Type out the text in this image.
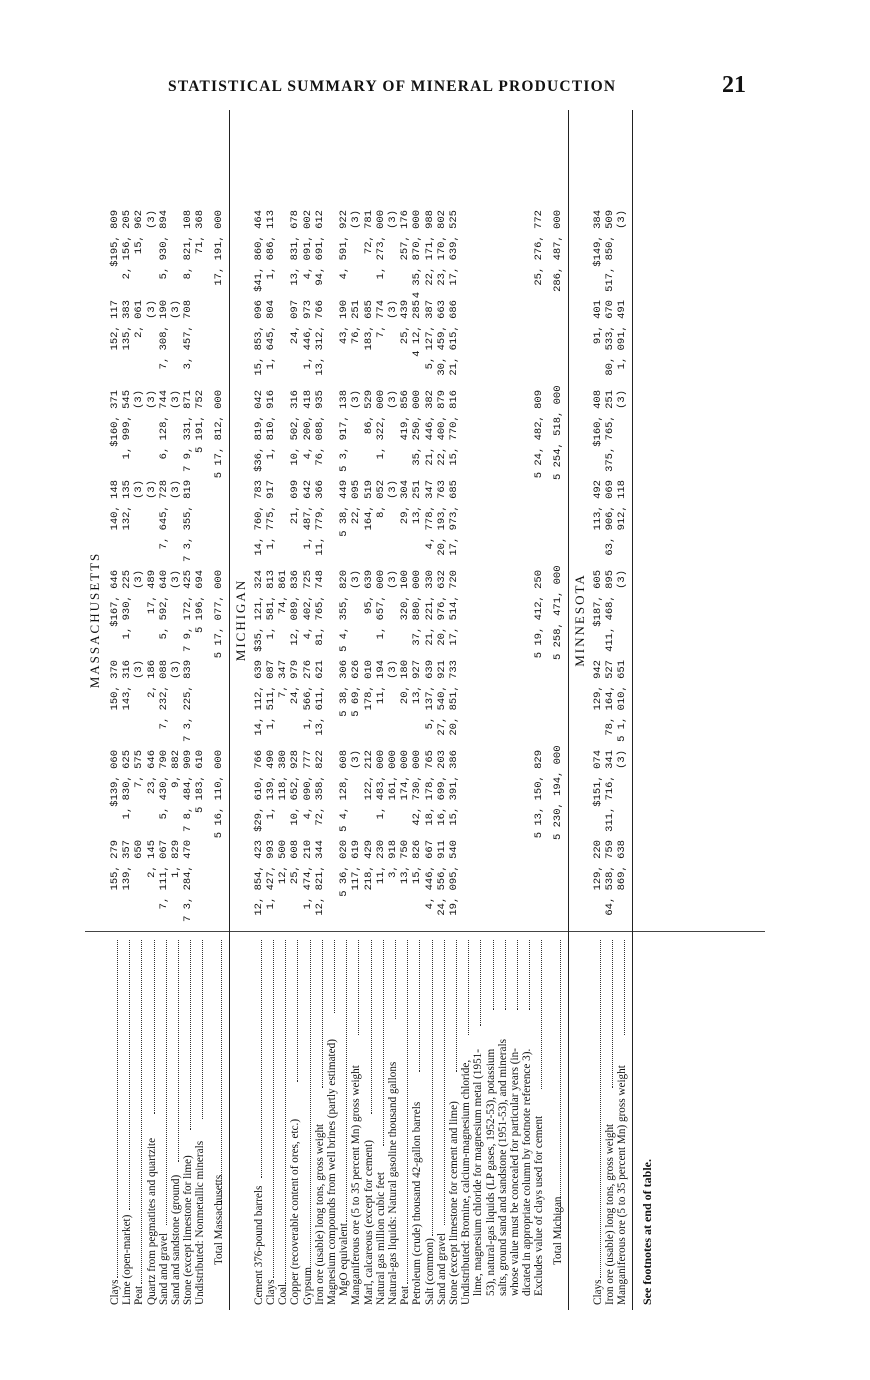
STATISTICAL SUMMARY OF MINERAL PRODUCTION	21
MASSACHUSETTS
Clays
155, 279
$139, 060
150, 370
$167, 646
140, 148
$160, 371
152, 117
$195, 809
Lime (open-market)
139, 357
1, 830, 625
143, 316
1, 930, 225
132, 135
1, 999, 545
135, 383
2, 156, 205
Peat
650
7, 575
(3)
(3)
(3)
(3)
2, 061
15, 962
Quartz from pegmatites and quartzite
2, 145
23, 646
2, 186
17, 489
(3)
(3)
(3)
(3)
Sand and gravel
7, 111, 067
5, 430, 790
7, 232, 088
5, 592, 640
7, 645, 728
6, 128, 744
7, 308, 190
5, 930, 894
Sand and sandstone (ground)
1, 829
9, 882
(3)
(3)
(3)
(3)
(3)
Stone (except limestone for lime)
7 3, 284, 470
7 8, 484, 909
7 3, 225, 839
7 9, 172, 425
7 3, 355, 819
7 9, 331, 871
3, 457, 708
8, 821, 108
Undistributed: Nonmetallic minerals
5 183, 610
5 196, 694
5 191, 752
71, 368
Total Massachusetts
5 16, 110, 000
5 17, 077, 000
5 17, 812, 000
17, 191, 000
MICHIGAN
Cement 376-pound barrels
12, 854, 423
$29, 610, 766
14, 112, 639
$35, 121, 324
14, 760, 783
$36, 819, 042
15, 853, 096
$41, 860, 464
Clays
1, 427, 993
1, 139, 490
1, 511, 087
1, 581, 813
1, 775, 917
1, 810, 916
1, 645, 804
1, 686, 113
Coal
12, 500
118, 380
7, 347
74, 861
Copper (recoverable content of ores, etc.)
25, 608
10, 652, 928
24, 979
12, 089, 836
21, 699
10, 502, 316
24, 097
13, 831, 678
Gypsum
1, 474, 210
4, 090, 777
1, 566, 276
4, 402, 725
1, 487, 642
4, 200, 418
1, 446, 973
4, 091, 002
Iron ore (usable) long tons, gross weight
12, 821, 344
72, 358, 822
13, 611, 621
81, 765, 748
11, 779, 366
76, 088, 935
13, 312, 766
94, 691, 612
Magnesium compounds from well brines (partly estimated) MgO equivalent
5 36, 020
5 4, 128, 608
5 38, 306
5 4, 355, 820
5 38, 449
5 3, 917, 138
43, 190
4, 591, 922
Manganiferous ore (5 to 35 percent Mn) gross weight
117, 619
(3)
5 69, 626
(3)
22, 095
(3)
76, 251
(3)
Marl, calcareous (except for cement)
218, 429
122, 212
178, 010
95, 639
164, 519
86, 529
183, 685
72, 781
Natural gas million cubic feet
11, 230
1, 483, 000
11, 194
1, 657, 000
8, 052
1, 322, 000
7, 774
1, 273, 000
Natural-gas liquids: Natural gasoline thousand gallons
3, 918
161, 000
(3)
(3)
(3)
(3)
(3)
(3)
Peat
13, 750
174, 000
20, 180
320, 100
29, 304
419, 856
25, 439
257, 176
Petroleum (crude) thousand 42-gallon barrels
15, 826
42, 730, 000
13, 927
37, 880, 000
13, 251
35, 250, 000
4 12, 285
4 35, 870, 000
Salt (common)
4, 446, 667
18, 178, 765
5, 137, 639
21, 221, 330
4, 778, 347
21, 446, 382
5, 127, 387
22, 171, 988
Sand and gravel
24, 556, 911
16, 699, 203
27, 540, 921
20, 976, 632
20, 193, 763
22, 400, 879
30, 459, 663
23, 170, 802
Stone (except limestone for cement and lime)
19, 095, 540
15, 391, 386
20, 851, 733
17, 514, 720
17, 973, 685
15, 770, 816
21, 615, 686
17, 639, 525
Undistributed: Bromine, calcium-magnesium chloride, lime, magnesium chloride for magnesium metal (1951- 53), natural-gas liquids (LP gases, 1952-53), potassium salts, ground sand and sandstone (1951-53), and minerals whose value must be concealed for particular years (in- dicated in appropriate column by footnote reference 3). Excludes value of clays used for cement
5 13, 150, 829
5 19, 412, 250
5 24, 482, 809
25, 276, 772
Total Michigan
5 230, 194, 000
5 258, 471, 000
5 254, 518, 000
286, 487, 000
MINNESOTA
Clays
129, 220
$151, 074
129, 942
$187, 605
113, 492
$160, 408
91, 401
$149, 384
Iron ore (usable) long tons, gross weight
64, 538, 759
311, 716, 341
78, 164, 527
411, 468, 895
63, 906, 069
375, 765, 251
80, 533, 670
517, 850, 509
Manganiferous ore (5 to 35 percent Mn) gross weight
869, 638
(3)
5 1, 010, 651
(3)
912, 118
(3)
1, 091, 491
(3)
See footnotes at end of table.
